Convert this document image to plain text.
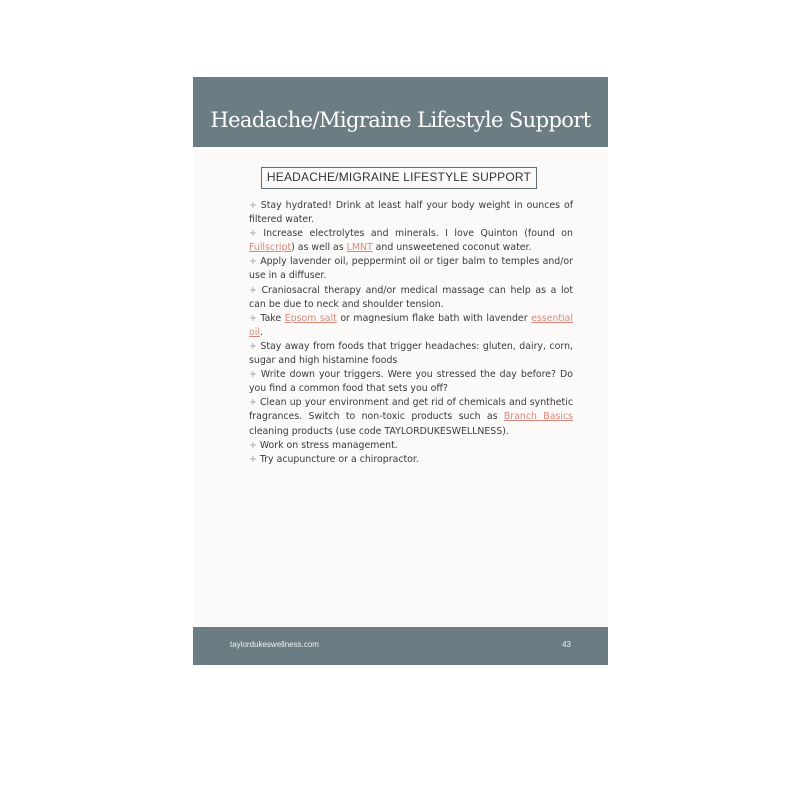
Headache/Migraine Lifestyle Support
HEADACHE/MIGRAINE LIFESTYLE SUPPORT
+ Stay hydrated! Drink at least half your body weight in ounces of filtered water.
+ Increase electrolytes and minerals. I love Quinton (found on Fullscript) as well as LMNT and unsweetened coconut water.
+ Apply lavender oil, peppermint oil or tiger balm to temples and/or use in a diffuser.
+ Craniosacral therapy and/or medical massage can help as a lot can be due to neck and shoulder tension.
+ Take Epsom salt or magnesium flake bath with lavender essential oil.
+ Stay away from foods that trigger headaches: gluten, dairy, corn, sugar and high histamine foods
+ Write down your triggers. Were you stressed the day before? Do you find a common food that sets you off?
+ Clean up your environment and get rid of chemicals and synthetic fragrances. Switch to non-toxic products such as Branch Basics cleaning products (use code TAYLORDUKESWELLNESS).
+ Work on stress management.
+ Try acupuncture or a chiropractor.
taylordukeswellness.com	43
